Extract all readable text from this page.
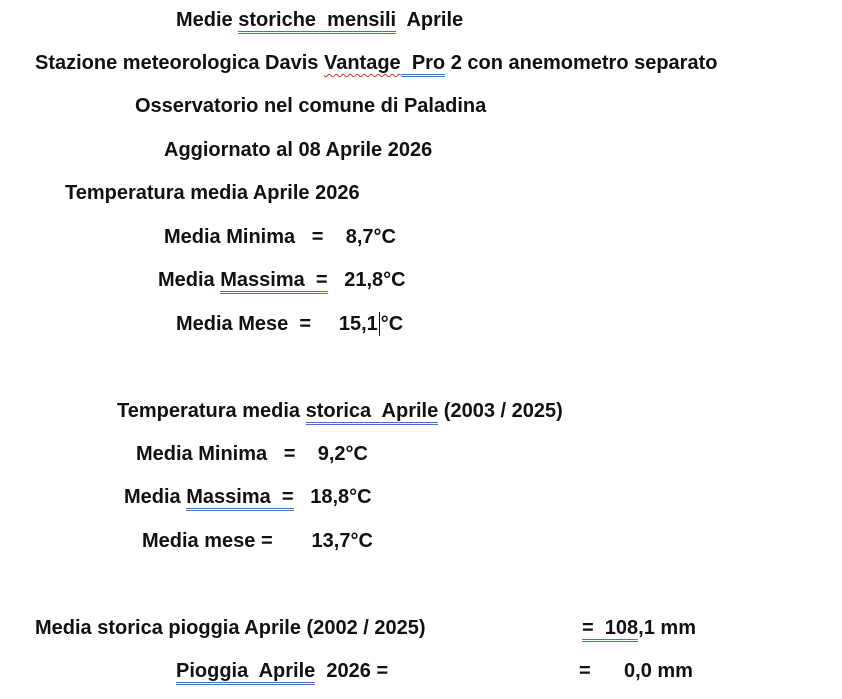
Medie storiche  mensili  Aprile
Stazione meteorologica Davis Vantage Pro 2 con anemometro separato
Osservatorio nel comune di Paladina
Aggiornato al 08 Aprile 2026
Temperatura media Aprile 2026
Media Minima   =    8,7°C
Media Massima  =   21,8°C
Media Mese  =     15,1 °C
Temperatura media storica  Aprile (2003 / 2025)
Media Minima   =    9,2°C
Media Massima  =   18,8°C
Media mese =       13,7°C
Media storica pioggia Aprile (2002 / 2025)	=  108,1 mm
Pioggia  Aprile  2026 =	=      0,0 mm
